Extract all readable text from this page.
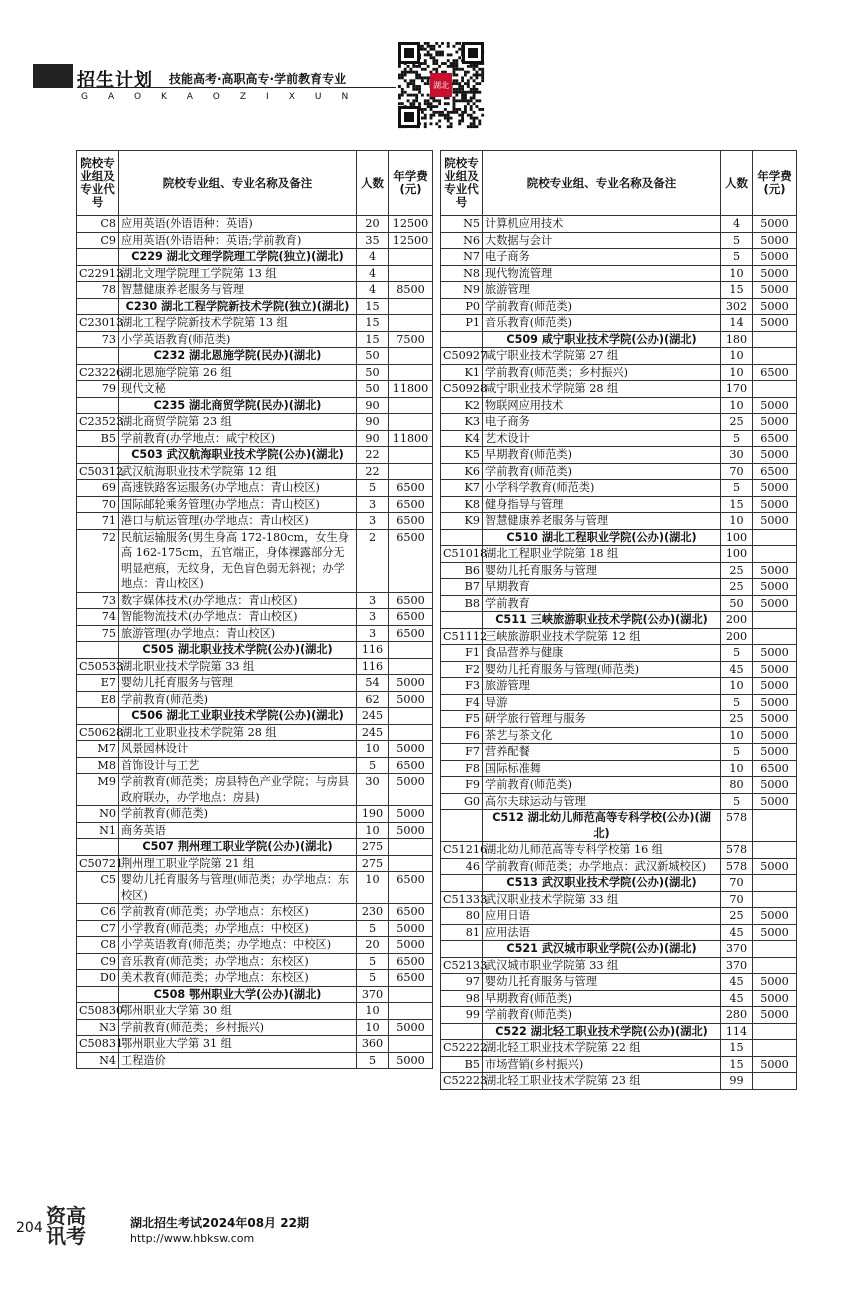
招生计划 技能高考·高职高专·学前教育专业
GAOKAOZIXUN
湖北
院校专业组及专业代号	院校专业组、专业名称及备注	人数	年学费(元)
C8	应用英语(外语语种：英语)	20	12500
C9	应用英语(外语语种：英语;学前教育)	35	12500
	C229 湖北文理学院理工学院(独立)(湖北)	4	
C22913	湖北文理学院理工学院第 13 组	4	
78	智慧健康养老服务与管理	4	8500
	C230 湖北工程学院新技术学院(独立)(湖北)	15	
C23013	湖北工程学院新技术学院第 13 组	15	
73	小学英语教育(师范类)	15	7500
	C232 湖北恩施学院(民办)(湖北)	50	
C23226	湖北恩施学院第 26 组	50	
79	现代文秘	50	11800
	C235 湖北商贸学院(民办)(湖北)	90	
C23523	湖北商贸学院第 23 组	90	
B5	学前教育(办学地点：咸宁校区)	90	11800
	C503 武汉航海职业技术学院(公办)(湖北)	22	
C50312	武汉航海职业技术学院第 12 组	22	
69	高速铁路客运服务(办学地点：青山校区)	5	6500
70	国际邮轮乘务管理(办学地点：青山校区)	3	6500
71	港口与航运管理(办学地点：青山校区)	3	6500
72	民航运输服务(男生身高 172-180cm，女生身高 162-175cm，五官端正，身体裸露部分无明显疤痕，无纹身，无色盲色弱无斜视；办学地点：青山校区)	2	6500
73	数字媒体技术(办学地点：青山校区)	3	6500
74	智能物流技术(办学地点：青山校区)	3	6500
75	旅游管理(办学地点：青山校区)	3	6500
	C505 湖北职业技术学院(公办)(湖北)	116	
C50533	湖北职业技术学院第 33 组	116	
E7	婴幼儿托育服务与管理	54	5000
E8	学前教育(师范类)	62	5000
	C506 湖北工业职业技术学院(公办)(湖北)	245	
C50628	湖北工业职业技术学院第 28 组	245	
M7	风景园林设计	10	5000
M8	首饰设计与工艺	5	6500
M9	学前教育(师范类；房县特色产业学院；与房县政府联办，办学地点：房县)	30	5000
N0	学前教育(师范类)	190	5000
N1	商务英语	10	5000
	C507 荆州理工职业学院(公办)(湖北)	275	
C50721	荆州理工职业学院第 21 组	275	
C5	婴幼儿托育服务与管理(师范类；办学地点：东校区)	10	6500
C6	学前教育(师范类；办学地点：东校区)	230	6500
C7	小学教育(师范类；办学地点：中校区)	5	5000
C8	小学英语教育(师范类；办学地点：中校区)	20	5000
C9	音乐教育(师范类；办学地点：东校区)	5	6500
D0	美术教育(师范类；办学地点：东校区)	5	6500
	C508 鄂州职业大学(公办)(湖北)	370	
C50830	鄂州职业大学第 30 组	10	
N3	学前教育(师范类；乡村振兴)	10	5000
C50831	鄂州职业大学第 31 组	360	
N4	工程造价	5	5000
院校专业组及专业代号	院校专业组、专业名称及备注	人数	年学费(元)
N5	计算机应用技术	4	5000
N6	大数据与会计	5	5000
N7	电子商务	5	5000
N8	现代物流管理	10	5000
N9	旅游管理	15	5000
P0	学前教育(师范类)	302	5000
P1	音乐教育(师范类)	14	5000
	C509 咸宁职业技术学院(公办)(湖北)	180	
C50927	咸宁职业技术学院第 27 组	10	
K1	学前教育(师范类；乡村振兴)	10	6500
C50928	咸宁职业技术学院第 28 组	170	
K2	物联网应用技术	10	5000
K3	电子商务	25	5000
K4	艺术设计	5	6500
K5	早期教育(师范类)	30	5000
K6	学前教育(师范类)	70	6500
K7	小学科学教育(师范类)	5	5000
K8	健身指导与管理	15	5000
K9	智慧健康养老服务与管理	10	5000
	C510 湖北工程职业学院(公办)(湖北)	100	
C51018	湖北工程职业学院第 18 组	100	
B6	婴幼儿托育服务与管理	25	5000
B7	早期教育	25	5000
B8	学前教育	50	5000
	C511 三峡旅游职业技术学院(公办)(湖北)	200	
C51112	三峡旅游职业技术学院第 12 组	200	
F1	食品营养与健康	5	5000
F2	婴幼儿托育服务与管理(师范类)	45	5000
F3	旅游管理	10	5000
F4	导游	5	5000
F5	研学旅行管理与服务	25	5000
F6	茶艺与茶文化	10	5000
F7	营养配餐	5	5000
F8	国际标准舞	10	6500
F9	学前教育(师范类)	80	5000
G0	高尔夫球运动与管理	5	5000
	C512 湖北幼儿师范高等专科学校(公办)(湖北)	578	
C51216	湖北幼儿师范高等专科学校第 16 组	578	
46	学前教育(师范类；办学地点：武汉新城校区)	578	5000
	C513 武汉职业技术学院(公办)(湖北)	70	
C51333	武汉职业技术学院第 33 组	70	
80	应用日语	25	5000
81	应用法语	45	5000
	C521 武汉城市职业学院(公办)(湖北)	370	
C52133	武汉城市职业学院第 33 组	370	
97	婴幼儿托育服务与管理	45	5000
98	早期教育(师范类)	45	5000
99	学前教育(师范类)	280	5000
	C522 湖北轻工职业技术学院(公办)(湖北)	114	
C52222	湖北轻工职业技术学院第 22 组	15	
B5	市场营销(乡村振兴)	15	5000
C52223	湖北轻工职业技术学院第 23 组	99	
204 资高讯考
湖北招生考试2024年08月 22期
http://www.hbksw.com
